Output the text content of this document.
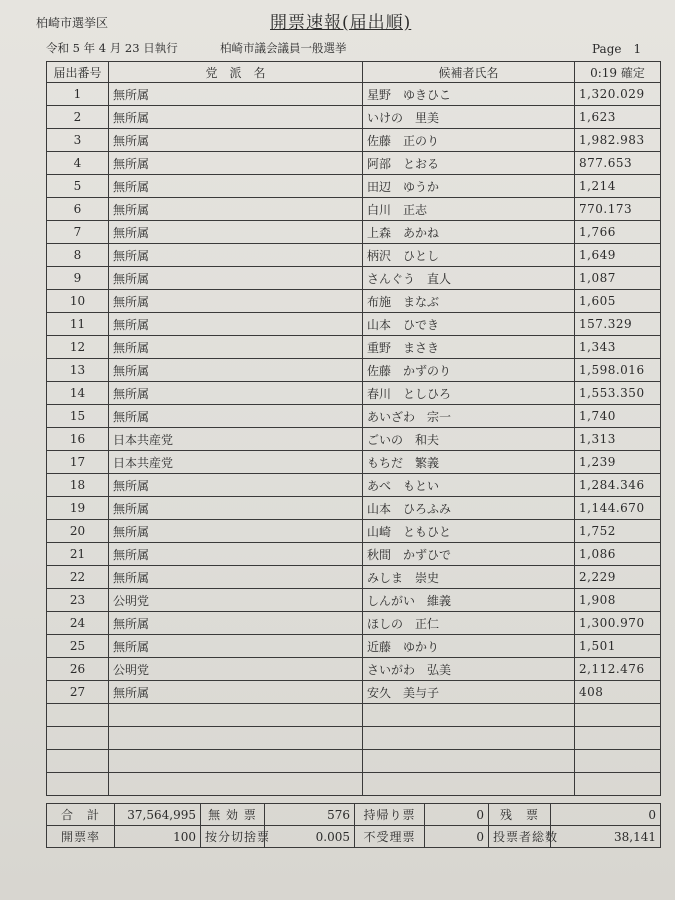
柏崎市選挙区	開票速報(届出順)
令和 5 年 4 月 23 日執行	柏崎市議会議員一般選挙	Page　1
届出番号	党　派　名	候補者氏名	0:19 確定
1	無所属	星野　ゆきひこ	1,320.029
2	無所属	いけの　里美	1,623
3	無所属	佐藤　正のり	1,982.983
4	無所属	阿部　とおる	877.653
5	無所属	田辺　ゆうか	1,214
6	無所属	白川　正志	770.173
7	無所属	上森　あかね	1,766
8	無所属	柄沢　ひとし	1,649
9	無所属	さんぐう　直人	1,087
10	無所属	布施　まなぶ	1,605
11	無所属	山本　ひでき	157.329
12	無所属	重野　まさき	1,343
13	無所属	佐藤　かずのり	1,598.016
14	無所属	春川　としひろ	1,553.350
15	無所属	あいざわ　宗一	1,740
16	日本共産党	ごいの　和夫	1,313
17	日本共産党	もちだ　繁義	1,239
18	無所属	あべ　もとい	1,284.346
19	無所属	山本　ひろふみ	1,144.670
20	無所属	山崎　ともひと	1,752
21	無所属	秋間　かずひで	1,086
22	無所属	みしま　崇史	2,229
23	公明党	しんがい　維義	1,908
24	無所属	ほしの　正仁	1,300.970
25	無所属	近藤　ゆかり	1,501
26	公明党	さいがわ　弘美	2,112.476
27	無所属	安久　美与子	408

合　計	37,564,995	無 効 票	576	持帰り票	0	残　票	0
開票率	100	按分切捨票	0.005	不受理票	0	投票者総数	38,141
